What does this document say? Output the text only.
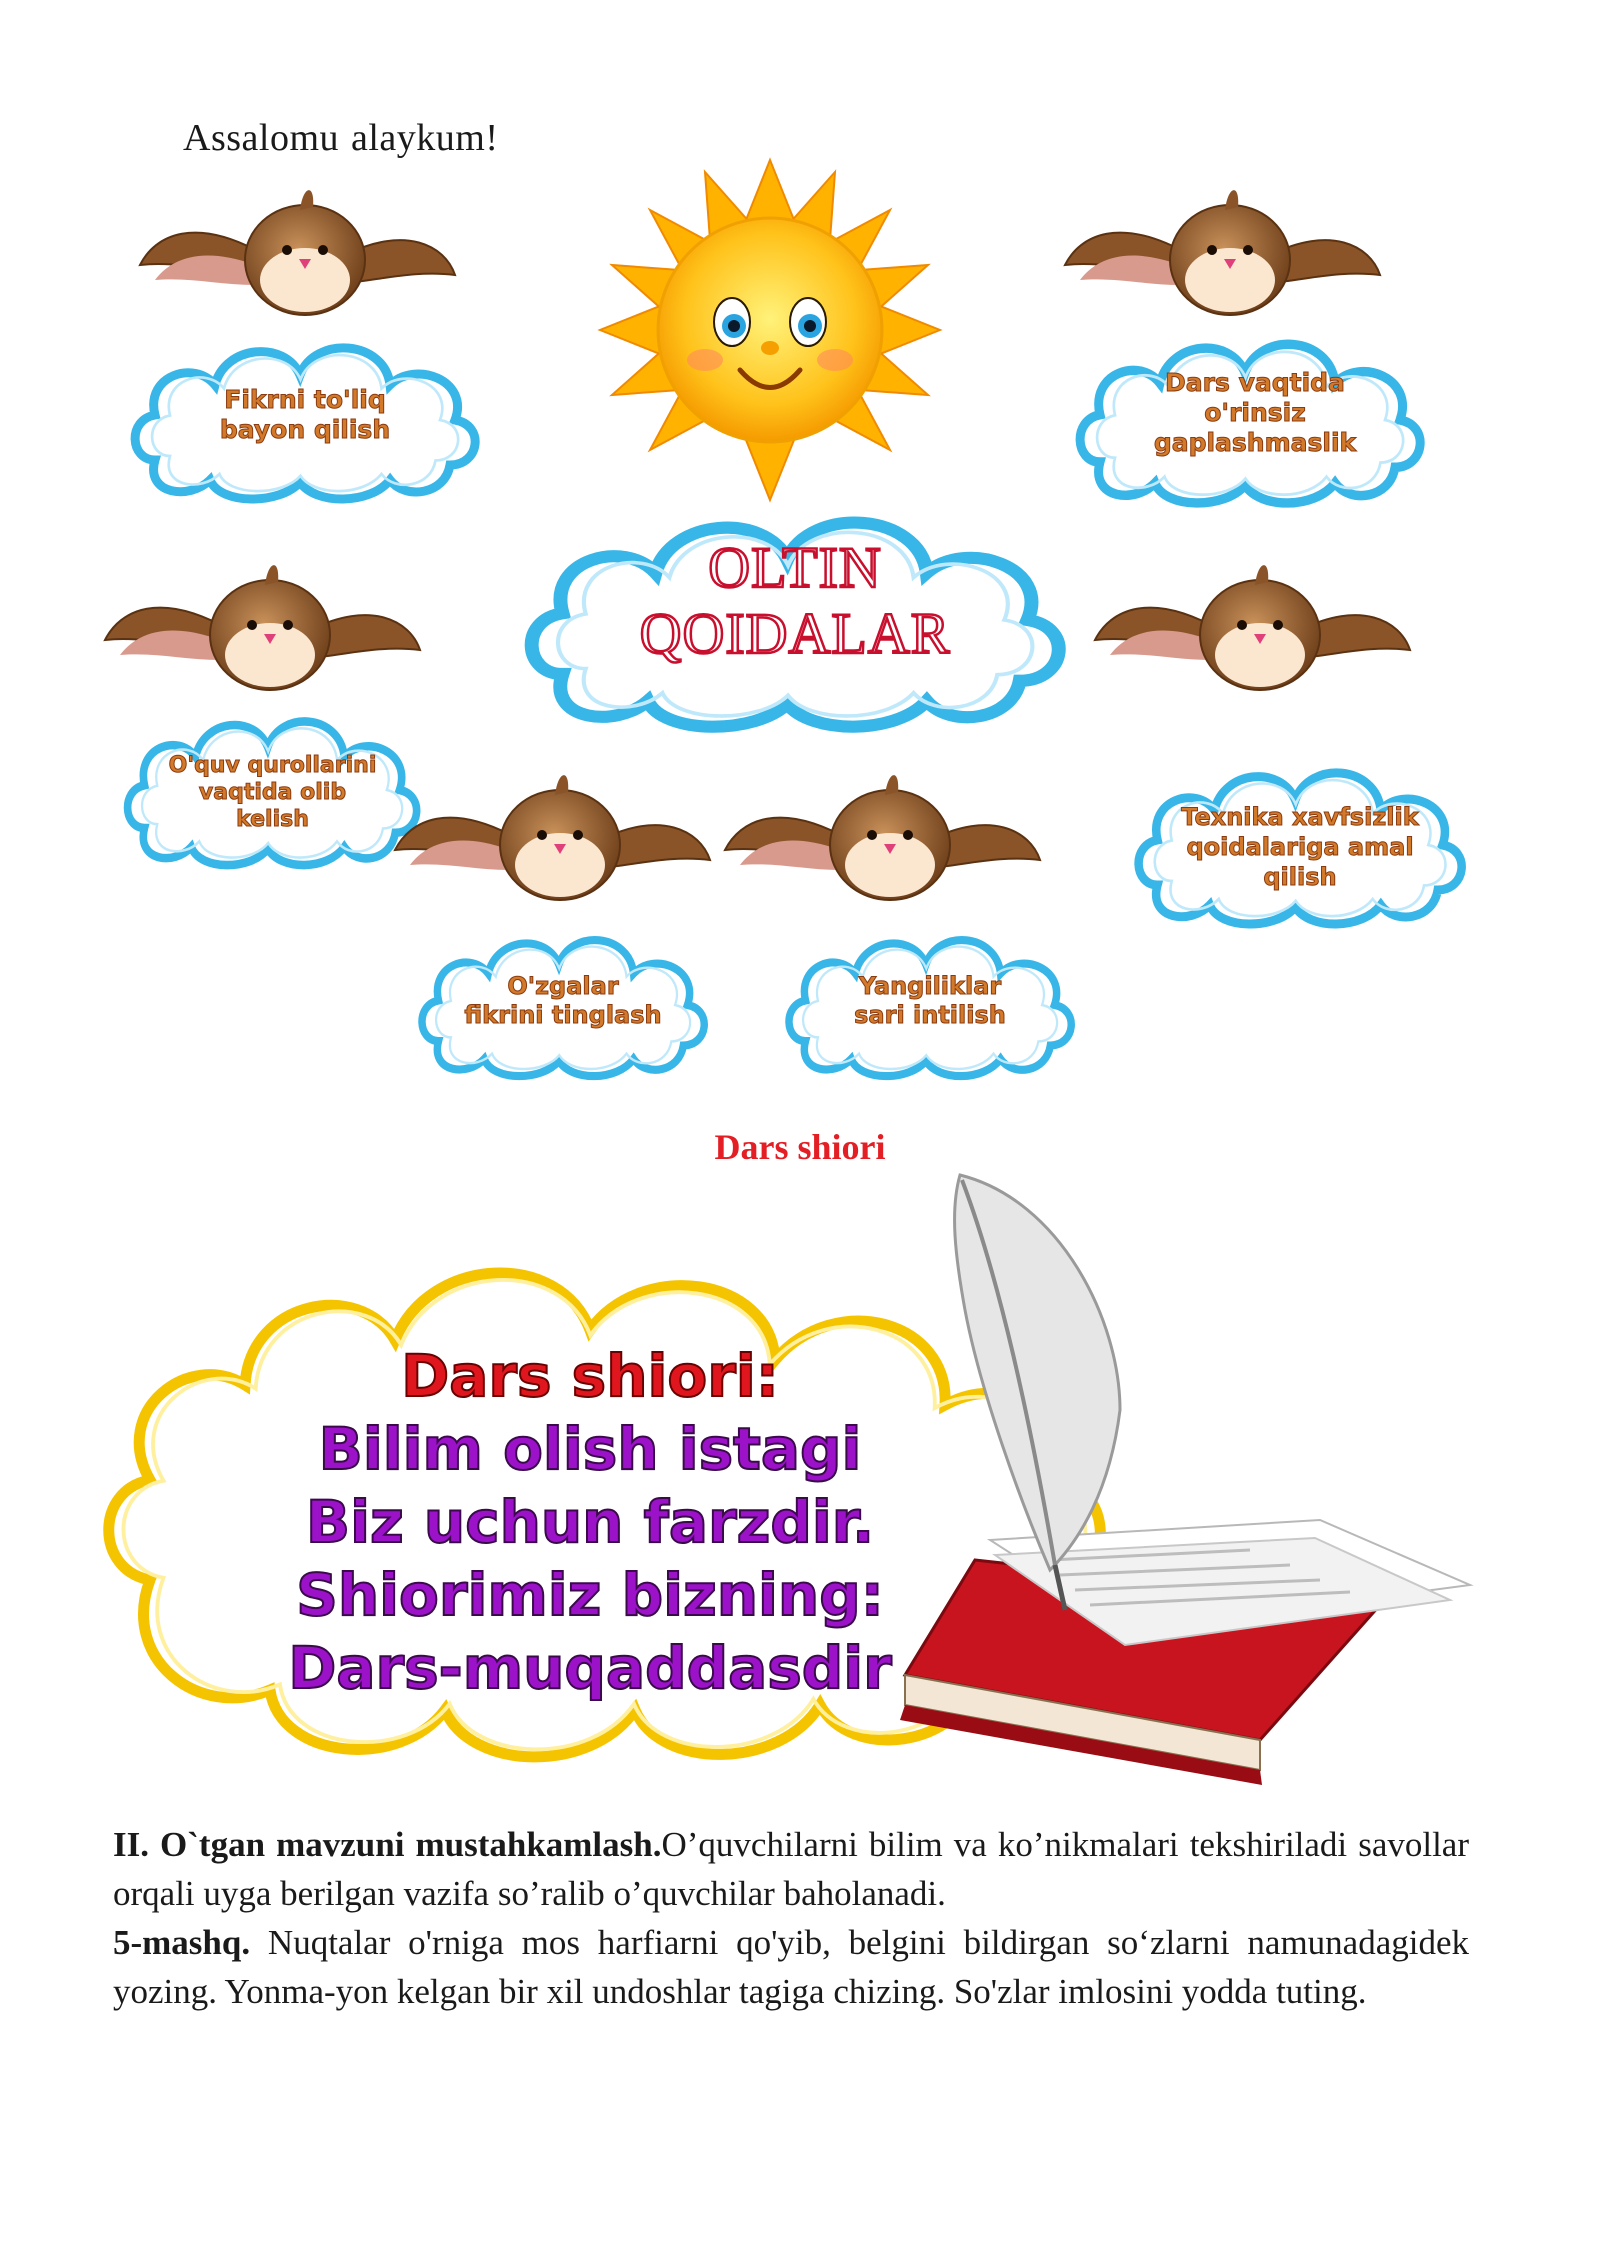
Assalomu alaykum!
OLTIN
QOIDALAR
Fikrni to'liq
bayon qilish
Dars vaqtida
o'rinsiz
gaplashmaslik
O'quv qurollarini
vaqtida olib
kelish	Texnika xavfsizlik
qoidalariga amal
qilish
O'zgalar
fikrini tinglash
Yangiliklar
sari intilish
Dars shiori
Dars shiori:
Bilim olish istagi
Biz uchun farzdir.
Shiorimiz bizning:
Dars-muqaddasdir
II. O`tgan mavzuni mustahkamlash.O’quvchilarni bilim va ko’nikmalari tekshiriladi savollar orqali uyga berilgan vazifa so’ralib o’quvchilar baholanadi.
5-mashq. Nuqtalar o'rniga mos harfiarni qo'yib, belgini bildirgan so‘zlarni namunadagidek yozing. Yonma-yon kelgan bir xil undoshlar tagiga chizing. So'zlar imlosini yodda tuting.
